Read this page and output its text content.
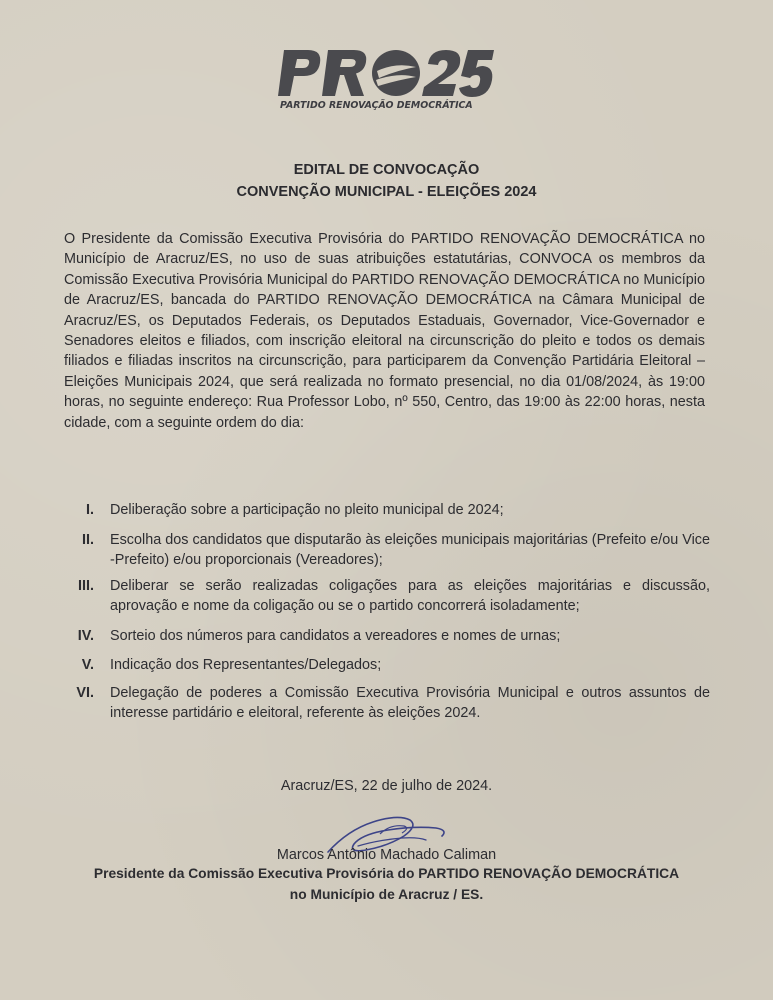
PARTIDO RENOVAÇÃO DEMOCRÁTICA
EDITAL DE CONVOCAÇÃO
CONVENÇÃO MUNICIPAL - ELEIÇÕES 2024
O Presidente da Comissão Executiva Provisória do PARTIDO RENOVAÇÃO DEMOCRÁTICA no Município de Aracruz/ES, no uso de suas atribuições estatutárias, CONVOCA os membros da Comissão Executiva Provisória Municipal do PARTIDO RENOVAÇÃO DEMOCRÁTICA no Município de Aracruz/ES, bancada do PARTIDO RENOVAÇÃO DEMOCRÁTICA na Câmara Municipal de Aracruz/ES, os Deputados Federais, os Deputados Estaduais, Governador, Vice-Governador e Senadores eleitos e filiados, com inscrição eleitoral na circunscrição do pleito e todos os demais filiados e filiadas inscritos na circunscrição, para participarem da Convenção Partidária Eleitoral – Eleições Municipais 2024, que será realizada no formato presencial, no dia 01/08/2024, às 19:00 horas, no seguinte endereço: Rua Professor Lobo, nº 550, Centro, das 19:00 às 22:00 horas, nesta cidade, com a seguinte ordem do dia:
I. Deliberação sobre a participação no pleito municipal de 2024;
II. Escolha dos candidatos que disputarão às eleições municipais majoritárias (Prefeito e/ou Vice -Prefeito) e/ou proporcionais (Vereadores);
III. Deliberar se serão realizadas coligações para as eleições majoritárias e discussão, aprovação e nome da coligação ou se o partido concorrerá isoladamente;
IV. Sorteio dos números para candidatos a vereadores e nomes de urnas;
V. Indicação dos Representantes/Delegados;
VI. Delegação de poderes a Comissão Executiva Provisória Municipal e outros assuntos de interesse partidário e eleitoral, referente às eleições 2024.
Aracruz/ES, 22 de julho de 2024.
Marcos Antônio Machado Caliman
Presidente da Comissão Executiva Provisória do PARTIDO RENOVAÇÃO DEMOCRÁTICA
no Município de Aracruz / ES.
